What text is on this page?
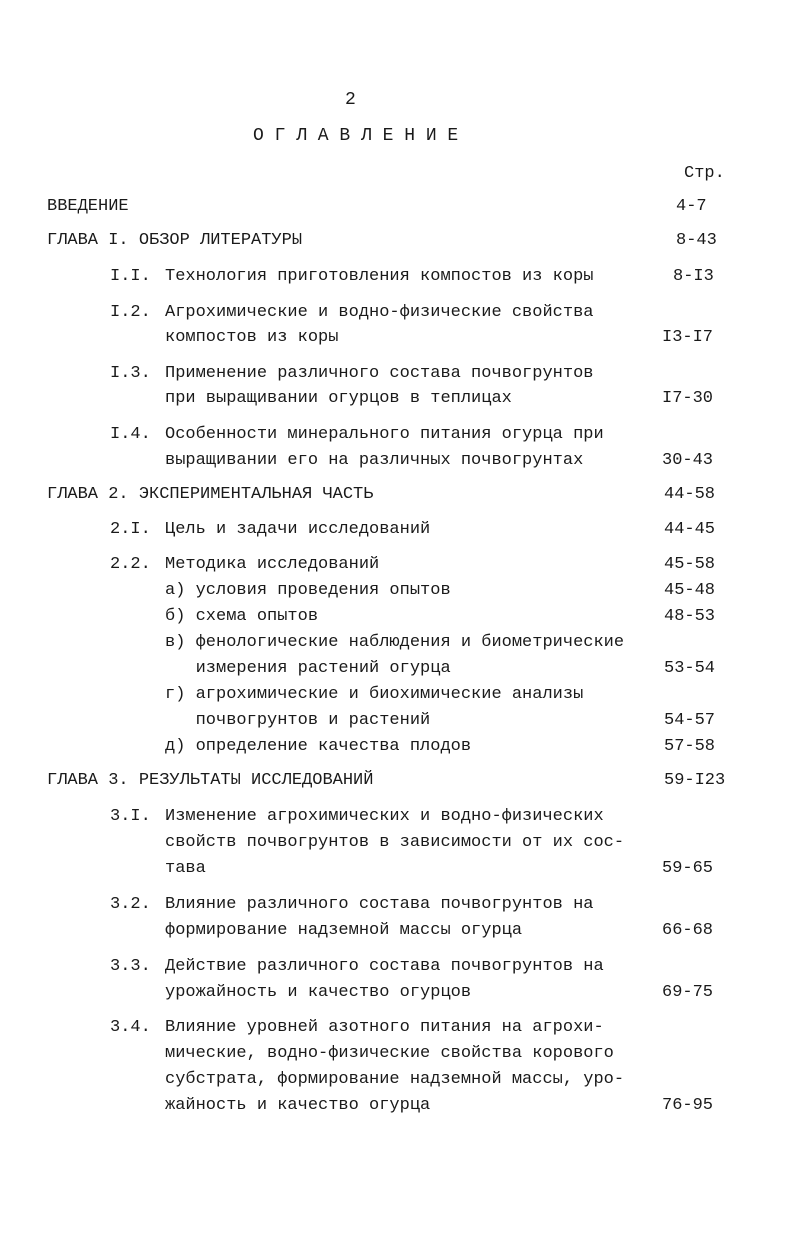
2
О Г Л А В Л Е Н И Е
Стр.
ВВЕДЕНИЕ	4-7
ГЛАВА I. ОБЗОР ЛИТЕРАТУРЫ	8-43
I.I. Технология приготовления компостов из коры	8-I3
I.2. Агрохимические и водно-физические свойства
компостов из коры	I3-I7
I.3. Применение различного состава почвогрунтов
при выращивании огурцов в теплицах	I7-30
I.4. Особенности минерального питания огурца при
выращивании его на различных почвогрунтах	30-43
ГЛАВА 2. ЭКСПЕРИМЕНТАЛЬНАЯ ЧАСТЬ	44-58
2.I. Цель и задачи исследований	44-45
2.2. Методика исследований	45-58
а) условия проведения опытов	45-48
б) схема опытов	48-53
в) фенологические наблюдения и биометрические
измерения растений огурца	53-54
г) агрохимические и биохимические анализы
почвогрунтов и растений	54-57
д) определение качества плодов	57-58
ГЛАВА 3. РЕЗУЛЬТАТЫ ИССЛЕДОВАНИЙ	59-I23
3.I. Изменение агрохимических и водно-физических
свойств почвогрунтов в зависимости от их сос-
тава	59-65
3.2. Влияние различного состава почвогрунтов на
формирование надземной массы огурца	66-68
3.3. Действие различного состава почвогрунтов на
урожайность и качество огурцов	69-75
3.4. Влияние уровней азотного питания на агрохи-
мические, водно-физические свойства корового
субстрата, формирование надземной массы, уро-
жайность и качество огурца	76-95
